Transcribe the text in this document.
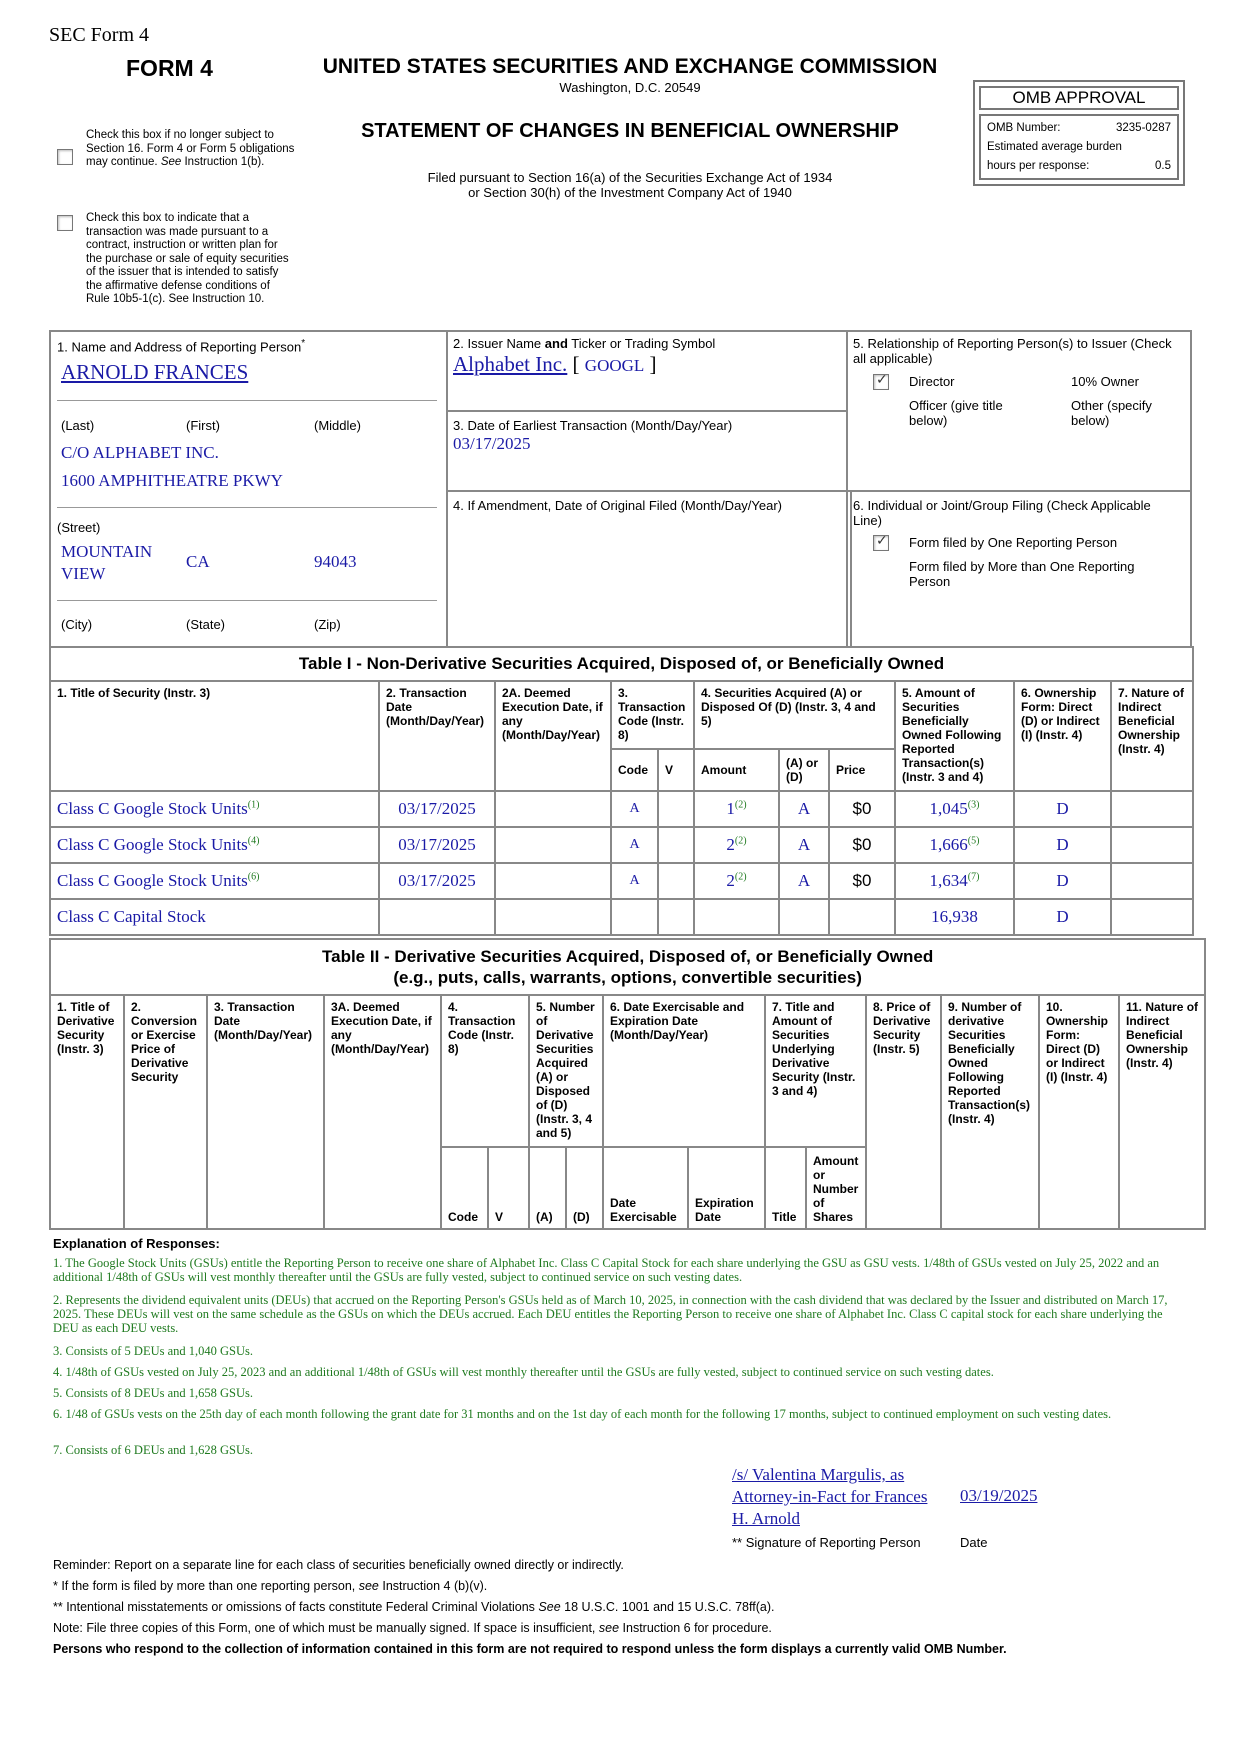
SEC Form 4
FORM 4	UNITED STATES SECURITIES AND EXCHANGE COMMISSION
Washington, D.C. 20549
STATEMENT OF CHANGES IN BENEFICIAL OWNERSHIP
Filed pursuant to Section 16(a) of the Securities Exchange Act of 1934
or Section 30(h) of the Investment Company Act of 1940
Check this box if no longer subject to Section 16. Form 4 or Form 5 obligations may continue. See Instruction 1(b).
Check this box to indicate that a transaction was made pursuant to a contract, instruction or written plan for the purchase or sale of equity securities of the issuer that is intended to satisfy the affirmative defense conditions of Rule 10b5-1(c). See Instruction 10.
OMB APPROVAL
OMB Number:	3235-0287
Estimated average burden
hours per response:	0.5
1. Name and Address of Reporting Person*
ARNOLD FRANCES
(Last)	(First)	(Middle)
C/O ALPHABET INC.
1600 AMPHITHEATRE PKWY
(Street)
MOUNTAIN VIEW
CA	94043
(City)	(State)	(Zip)
2. Issuer Name and Ticker or Trading Symbol
Alphabet Inc. [ GOOGL ]
3. Date of Earliest Transaction (Month/Day/Year)
03/17/2025
4. If Amendment, Date of Original Filed (Month/Day/Year)
5. Relationship of Reporting Person(s) to Issuer (Check all applicable)
✓ Director	10% Owner
Officer (give title below)
Other (specify below)
6. Individual or Joint/Group Filing (Check Applicable Line)
✓ Form filed by One Reporting Person
Form filed by More than One Reporting Person
Table I - Non-Derivative Securities Acquired, Disposed of, or Beneficially Owned										
1. Title of Security (Instr. 3)	2. Transaction Date (Month/Day/Year)	2A. Deemed Execution Date, if any (Month/Day/Year)	3. Transaction Code (Instr. 8)		4. Securities Acquired (A) or Disposed Of (D) (Instr. 3, 4 and 5)			5. Amount of Securities Beneficially Owned Following Reported Transaction(s) (Instr. 3 and 4)	6. Ownership Form: Direct (D) or Indirect (I) (Instr. 4)	7. Nature of Indirect Beneficial Ownership (Instr. 4)
			Code	V	Amount	(A) or (D)	Price			
Class C Google Stock Units$^{(1)}$	03/17/2025		A		1$^{(2)}$	A	$0	1,045$^{(3)}$	D	
Class C Google Stock Units$^{(4)}$	03/17/2025		A		2$^{(2)}$	A	$0	1,666$^{(5)}$	D	
Class C Google Stock Units$^{(6)}$	03/17/2025		A		2$^{(2)}$	A	$0	1,634$^{(7)}$	D	
Class C Capital Stock								16,938	D	
Table II - Derivative Securities Acquired, Disposed of, or Beneficially Owned
(e.g., puts, calls, warrants, options, convertible securities)															

1. Title of Derivative Security (Instr. 3)	2. Conversion or Exercise Price of Derivative Security	3. Transaction Date (Month/Day/Year)	3A. Deemed Execution Date, if any (Month/Day/Year)	4. Transaction Code (Instr. 8)		5. Number of Derivative Securities Acquired (A) or Disposed of (D) (Instr. 3, 4 and 5)		6. Date Exercisable and Expiration Date (Month/Day/Year)		7. Title and Amount of Securities Underlying Derivative Security (Instr. 3 and 4)		8. Price of Derivative Security (Instr. 5)	9. Number of derivative Securities Beneficially Owned Following Reported Transaction(s) (Instr. 4)	10. Ownership Form: Direct (D) or Indirect (I) (Instr. 4)	11. Nature of Indirect Beneficial Ownership (Instr. 4)
				Code	V	(A)	(D)	Date Exercisable	Expiration Date	Title	Amount or Number of Shares				
Explanation of Responses:
1. The Google Stock Units (GSUs) entitle the Reporting Person to receive one share of Alphabet Inc. Class C Capital Stock for each share underlying the GSU as GSU vests. 1/48th of GSUs vested on July 25, 2022 and an additional 1/48th of GSUs will vest monthly thereafter until the GSUs are fully vested, subject to continued service on such vesting dates.
2. Represents the dividend equivalent units (DEUs) that accrued on the Reporting Person's GSUs held as of March 10, 2025, in connection with the cash dividend that was declared by the Issuer and distributed on March 17, 2025. These DEUs will vest on the same schedule as the GSUs on which the DEUs accrued. Each DEU entitles the Reporting Person to receive one share of Alphabet Inc. Class C capital stock for each share underlying the DEU as each DEU vests.
3. Consists of 5 DEUs and 1,040 GSUs.
4. 1/48th of GSUs vested on July 25, 2023 and an additional 1/48th of GSUs will vest monthly thereafter until the GSUs are fully vested, subject to continued service on such vesting dates.
5. Consists of 8 DEUs and 1,658 GSUs.
6. 1/48 of GSUs vests on the 25th day of each month following the grant date for 31 months and on the 1st day of each month for the following 17 months, subject to continued employment on such vesting dates.
7. Consists of 6 DEUs and 1,628 GSUs.
/s/ Valentina Margulis, as
Attorney-in-Fact for Frances
H. Arnold
03/19/2025
** Signature of Reporting Person	Date
Reminder: Report on a separate line for each class of securities beneficially owned directly or indirectly.
* If the form is filed by more than one reporting person, see Instruction 4 (b)(v).
** Intentional misstatements or omissions of facts constitute Federal Criminal Violations See 18 U.S.C. 1001 and 15 U.S.C. 78ff(a).
Note: File three copies of this Form, one of which must be manually signed. If space is insufficient, see Instruction 6 for procedure.
Persons who respond to the collection of information contained in this form are not required to respond unless the form displays a currently valid OMB Number.
